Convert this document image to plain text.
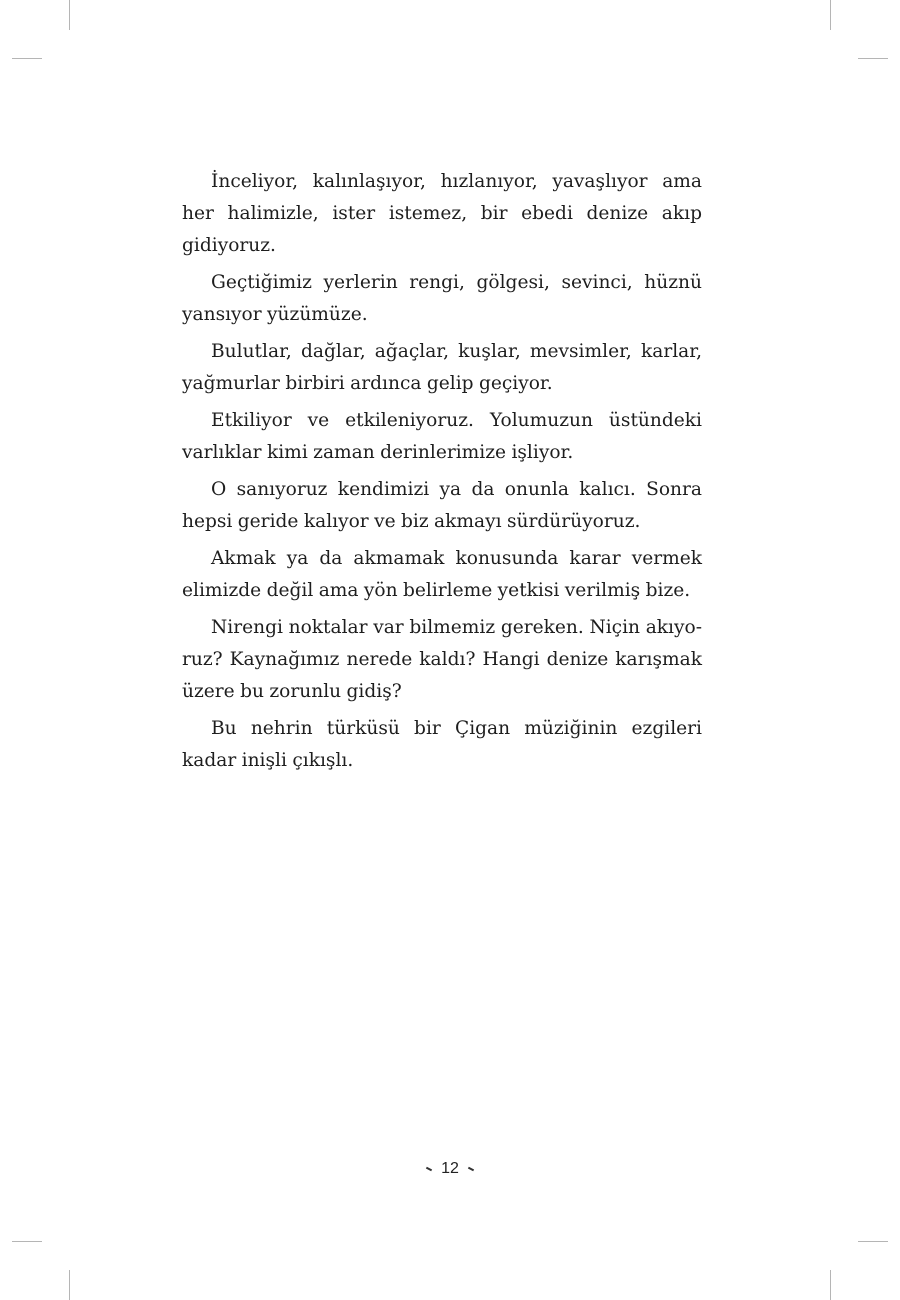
İnceliyor, kalınlaşıyor, hızlanıyor, yavaşlıyor ama her halimizle, ister istemez, bir ebedi denize akıp gidiyoruz.

Geçtiğimiz yerlerin rengi, gölgesi, sevinci, hüznü yansıyor yüzümüze.

Bulutlar, dağlar, ağaçlar, kuşlar, mevsimler, karlar, yağmurlar birbiri ardınca gelip geçiyor.

Etkiliyor ve etkileniyoruz. Yolumuzun üstündeki varlıklar kimi zaman derinlerimize işliyor.

O sanıyoruz kendimizi ya da onunla kalıcı. Sonra hepsi geride kalıyor ve biz akmayı sürdürüyoruz.

Akmak ya da akmamak konusunda karar vermek elimizde değil ama yön belirleme yetkisi verilmiş bize.

Nirengi noktalar var bilmemiz gereken. Niçin akıyoruz? Kaynağımız nerede kaldı? Hangi denize karışmak üzere bu zorunlu gidiş?

Bu nehrin türküsü bir Çigan müziğinin ezgileri kadar inişli çıkışlı.

12
